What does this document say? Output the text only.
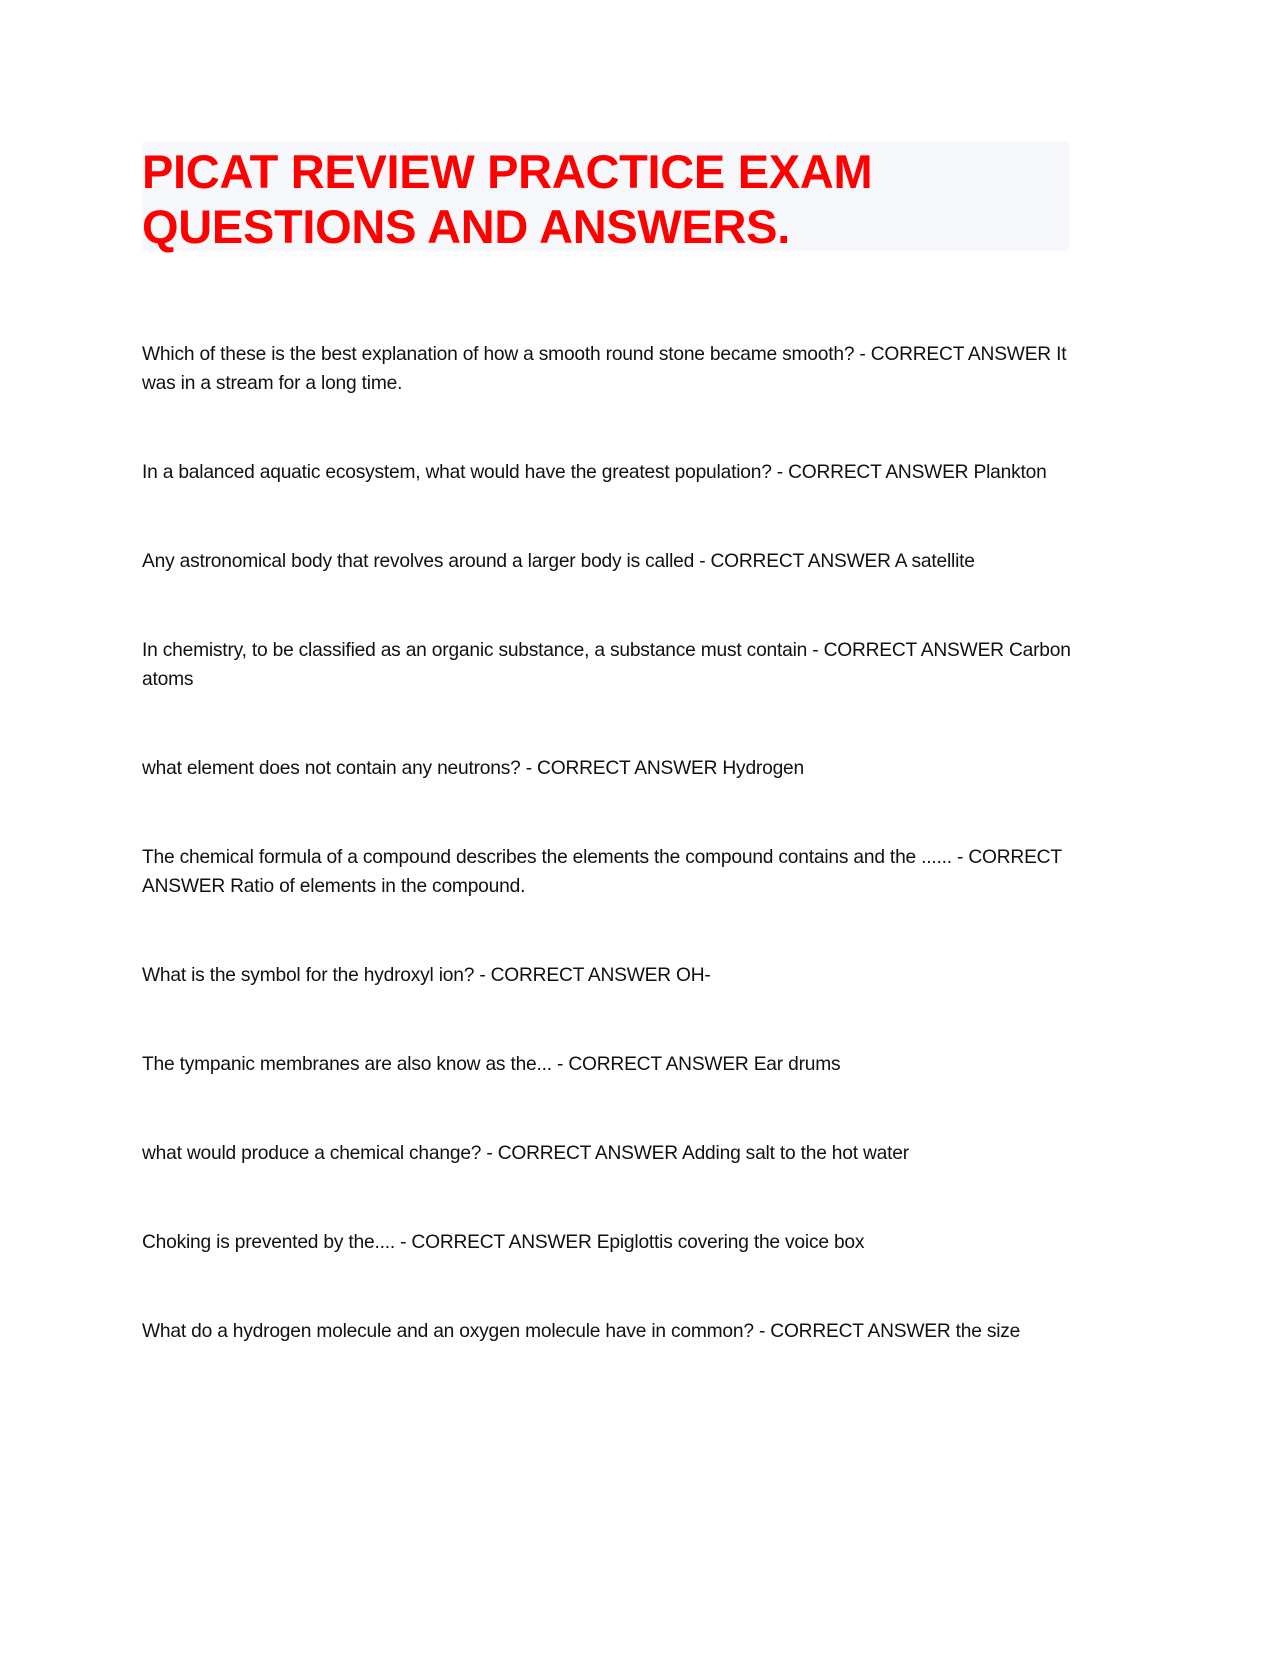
PICAT REVIEW PRACTICE EXAM QUESTIONS AND ANSWERS.

Which of these is the best explanation of how a smooth round stone became smooth? - CORRECT ANSWER It was in a stream for a long time.

In a balanced aquatic ecosystem, what would have the greatest population? - CORRECT ANSWER Plankton

Any astronomical body that revolves around a larger body is called - CORRECT ANSWER A satellite

In chemistry, to be classified as an organic substance, a substance must contain - CORRECT ANSWER Carbon atoms

what element does not contain any neutrons? - CORRECT ANSWER Hydrogen

The chemical formula of a compound describes the elements the compound contains and the ...... - CORRECT ANSWER Ratio of elements in the compound.

What is the symbol for the hydroxyl ion? - CORRECT ANSWER OH-

The tympanic membranes are also know as the... - CORRECT ANSWER Ear drums

what would produce a chemical change? - CORRECT ANSWER Adding salt to the hot water

Choking is prevented by the.... - CORRECT ANSWER Epiglottis covering the voice box

What do a hydrogen molecule and an oxygen molecule have in common? - CORRECT ANSWER the size
